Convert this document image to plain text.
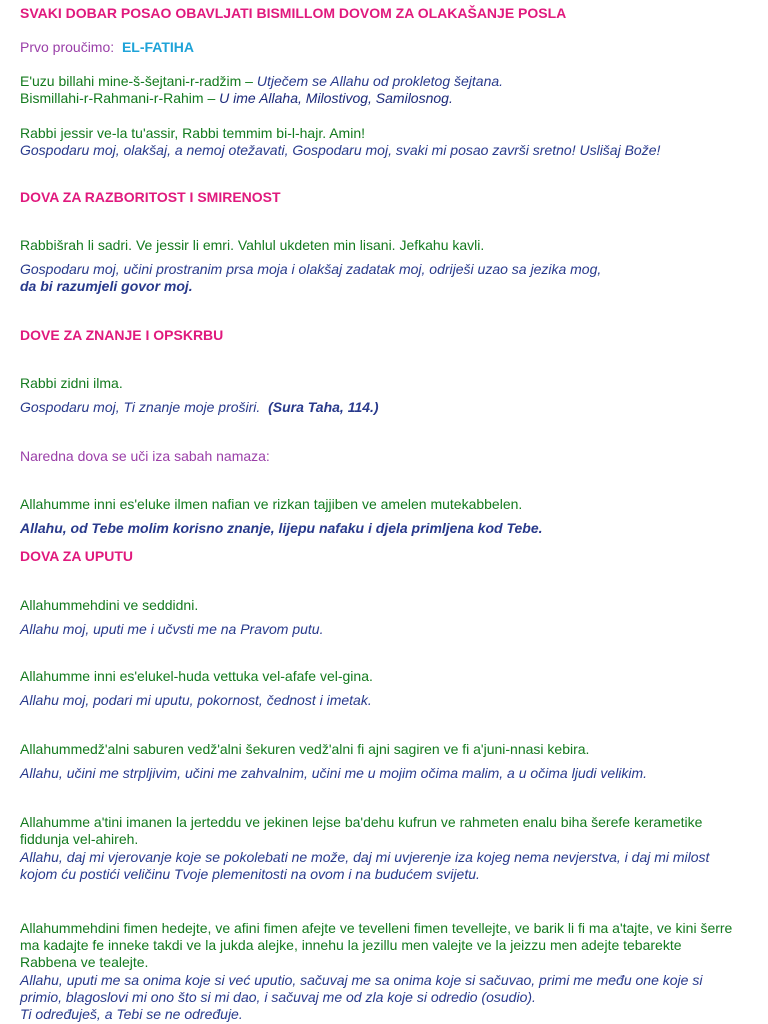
SVAKI DOBAR POSAO OBAVLJATI BISMILLOM DOVOM ZA OLAKAŠANJE POSLA
Prvo proučimo: EL-FATIHA
E'uzu billahi mine-š-šejtani-r-radžim – Utječem se Allahu od prokletog šejtana.
Bismillahi-r-Rahmani-r-Rahim – U ime Allaha, Milostivog, Samilosnog.
Rabbi jessir ve-la tu'assir, Rabbi temmim bi-l-hajr. Amin!
Gospodaru moj, olakšaj, a nemoj otežavati, Gospodaru moj, svaki mi posao završi sretno! Uslišaj Bože!
DOVA ZA RAZBORITOST I SMIRENOST
Rabbišrah li sadri. Ve jessir li emri. Vahlul ukdeten min lisani. Jefkahu kavli.
Gospodaru moj, učini prostranim prsa moja i olakšaj zadatak moj, odriješi uzao sa jezika mog,
da bi razumjeli govor moj.
DOVE ZA ZNANJE I OPSKRBU
Rabbi zidni ilma.
Gospodaru moj, Ti znanje moje proširi. (Sura Taha, 114.)
Naredna dova se uči iza sabah namaza:
Allahumme inni es'eluke ilmen nafian ve rizkan tajjiben ve amelen mutekabbelen.
Allahu, od Tebe molim korisno znanje, lijepu nafaku i djela primljena kod Tebe.
DOVA ZA UPUTU
Allahummehdini ve seddidni.
Allahu moj, uputi me i učvsti me na Pravom putu.
Allahumme inni es'elukel-huda vettuka vel-afafe vel-gina.
Allahu moj, podari mi uputu, pokornost, čednost i imetak.
Allahummedž'alni saburen vedž'alni šekuren vedž'alni fi ajni sagiren ve fi a'juni-nnasi kebira.
Allahu, učini me strpljivim, učini me zahvalnim, učini me u mojim očima malim, a u očima ljudi velikim.
Allahumme a'tini imanen la jerteddu ve jekinen lejse ba'dehu kufrun ve rahmeten enalu biha šerefe kerametike
fiddunja vel-ahireh.
Allahu, daj mi vjerovanje koje se pokolebati ne može, daj mi uvjerenje iza kojeg nema nevjerstva, i daj mi milost
kojom ću postići veličinu Tvoje plemenitosti na ovom i na budućem svijetu.
Allahummehdini fimen hedejte, ve afini fimen afejte ve tevelleni fimen tevellejte, ve barik li fi ma a'tajte, ve kini šerre
ma kadajte fe inneke takdi ve la jukda alejke, innehu la jezillu men valejte ve la jeizzu men adejte tebarekte
Rabbena ve tealejte.
Allahu, uputi me sa onima koje si već uputio, sačuvaj me sa onima koje si sačuvao, primi me među one koje si
primio, blagoslovi mi ono što si mi dao, i sačuvaj me od zla koje si odredio (osudio).
Ti određuješ, a Tebi se ne određuje.
